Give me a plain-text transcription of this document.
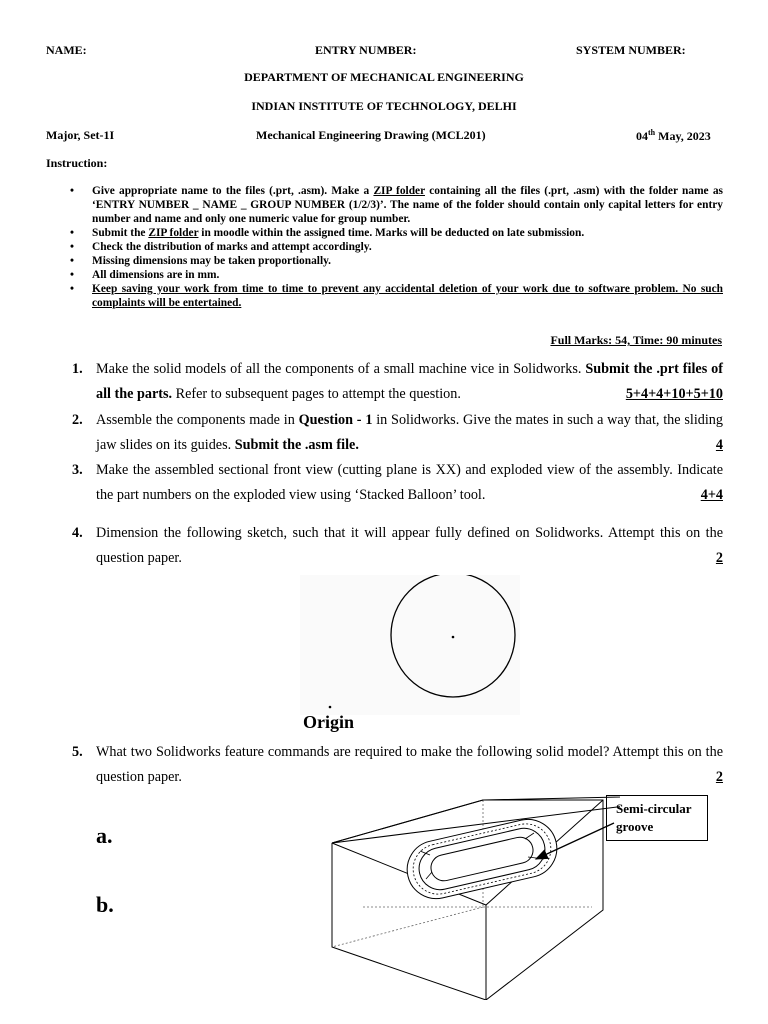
NAME:	ENTRY NUMBER:	SYSTEM NUMBER:
DEPARTMENT OF MECHANICAL ENGINEERING
INDIAN INSTITUTE OF TECHNOLOGY, DELHI
Major, Set-1I	Mechanical Engineering Drawing (MCL201)	04th May, 2023
Instruction:
• Give appropriate name to the files (.prt, .asm). Make a ZIP folder containing all the files (.prt, .asm) with the folder name as ‘ENTRY NUMBER _ NAME _ GROUP NUMBER (1/2/3)’. The name of the folder should contain only capital letters for entry number and name and only one numeric value for group number.
• Submit the ZIP folder in moodle within the assigned time. Marks will be deducted on late submission.
• Check the distribution of marks and attempt accordingly.
• Missing dimensions may be taken proportionally.
• All dimensions are in mm.
• Keep saving your work from time to time to prevent any accidental deletion of your work due to software problem. No such complaints will be entertained.
Full Marks: 54, Time: 90 minutes
1. Make the solid models of all the components of a small machine vice in Solidworks. Submit the .prt files of all the parts. Refer to subsequent pages to attempt the question.	5+4+4+10+5+10
2. Assemble the components made in Question - 1 in Solidworks. Give the mates in such a way that, the sliding jaw slides on its guides. Submit the .asm file.	4
3. Make the assembled sectional front view (cutting plane is XX) and exploded view of the assembly. Indicate the part numbers on the exploded view using ‘Stacked Balloon’ tool.	4+4
4. Dimension the following sketch, such that it will appear fully defined on Solidworks. Attempt this on the question paper.	2
Origin
5. What two Solidworks feature commands are required to make the following solid model? Attempt this on the question paper.	2
a.
b.
Semi-circular groove
